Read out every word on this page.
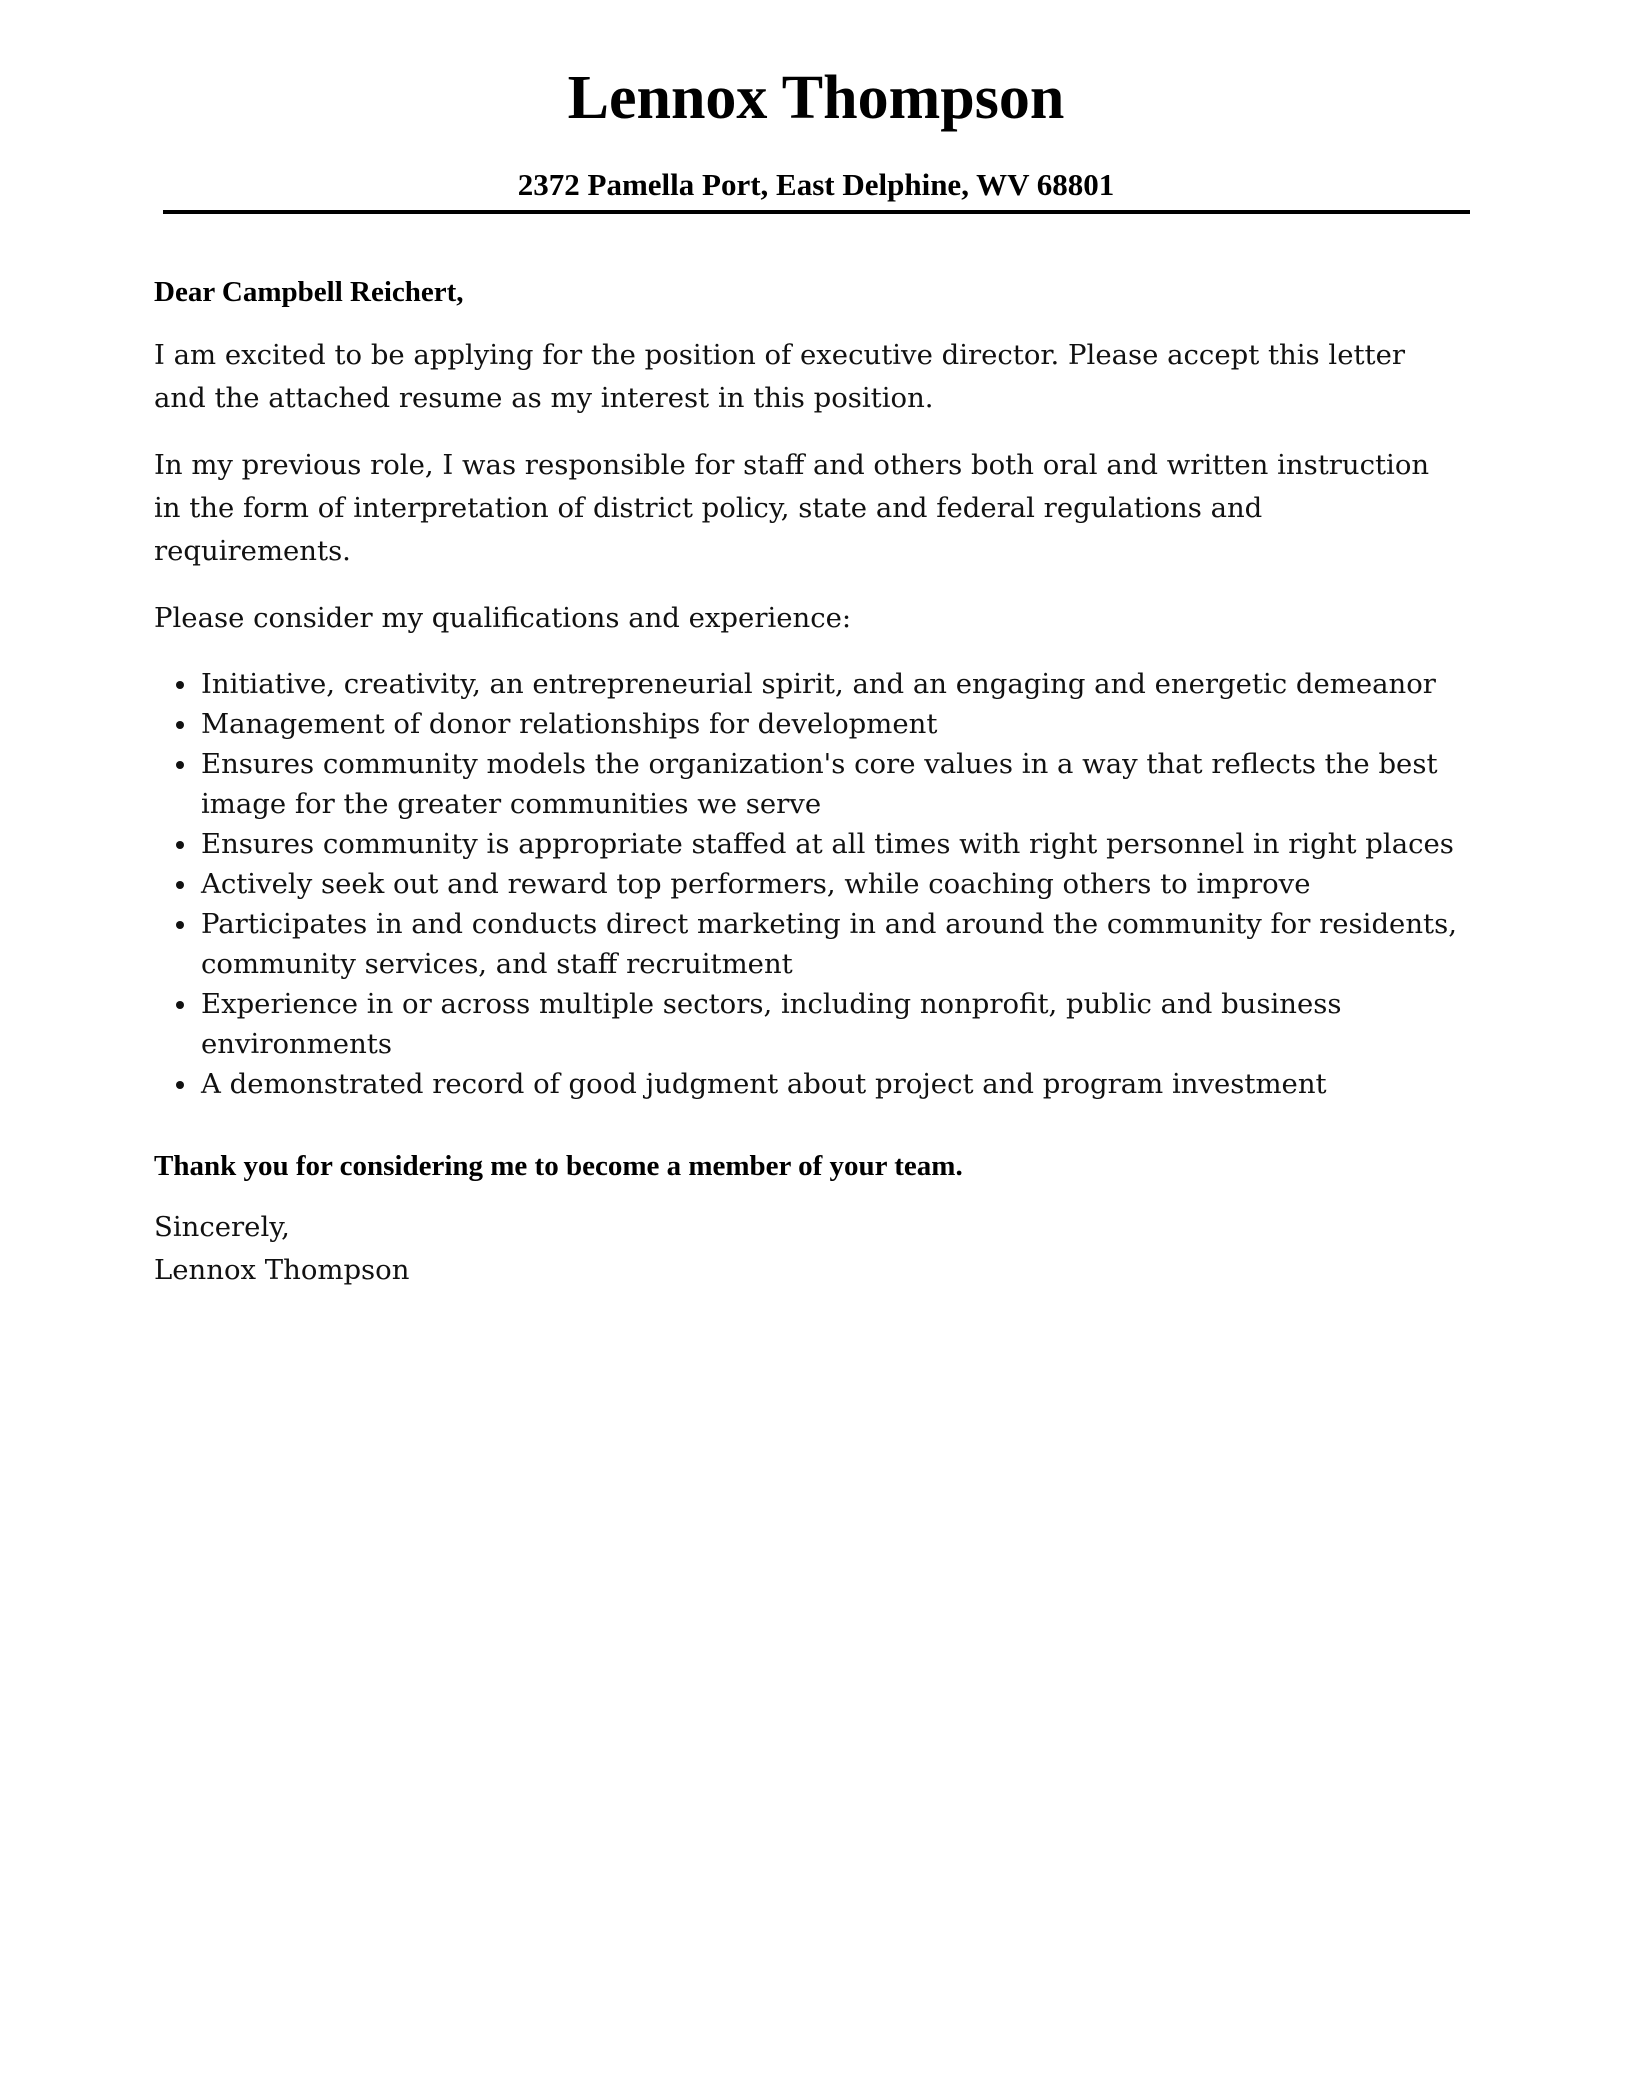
Lennox Thompson
2372 Pamella Port, East Delphine, WV 68801

Dear Campbell Reichert,

I am excited to be applying for the position of executive director. Please accept this letter and the attached resume as my interest in this position.

In my previous role, I was responsible for staff and others both oral and written instruction in the form of interpretation of district policy, state and federal regulations and requirements.

Please consider my qualifications and experience:

Initiative, creativity, an entrepreneurial spirit, and an engaging and energetic demeanor
Management of donor relationships for development
Ensures community models the organization's core values in a way that reflects the best image for the greater communities we serve
Ensures community is appropriate staffed at all times with right personnel in right places
Actively seek out and reward top performers, while coaching others to improve
Participates in and conducts direct marketing in and around the community for residents, community services, and staff recruitment
Experience in or across multiple sectors, including nonprofit, public and business environments
A demonstrated record of good judgment about project and program investment

Thank you for considering me to become a member of your team.

Sincerely,

Lennox Thompson
